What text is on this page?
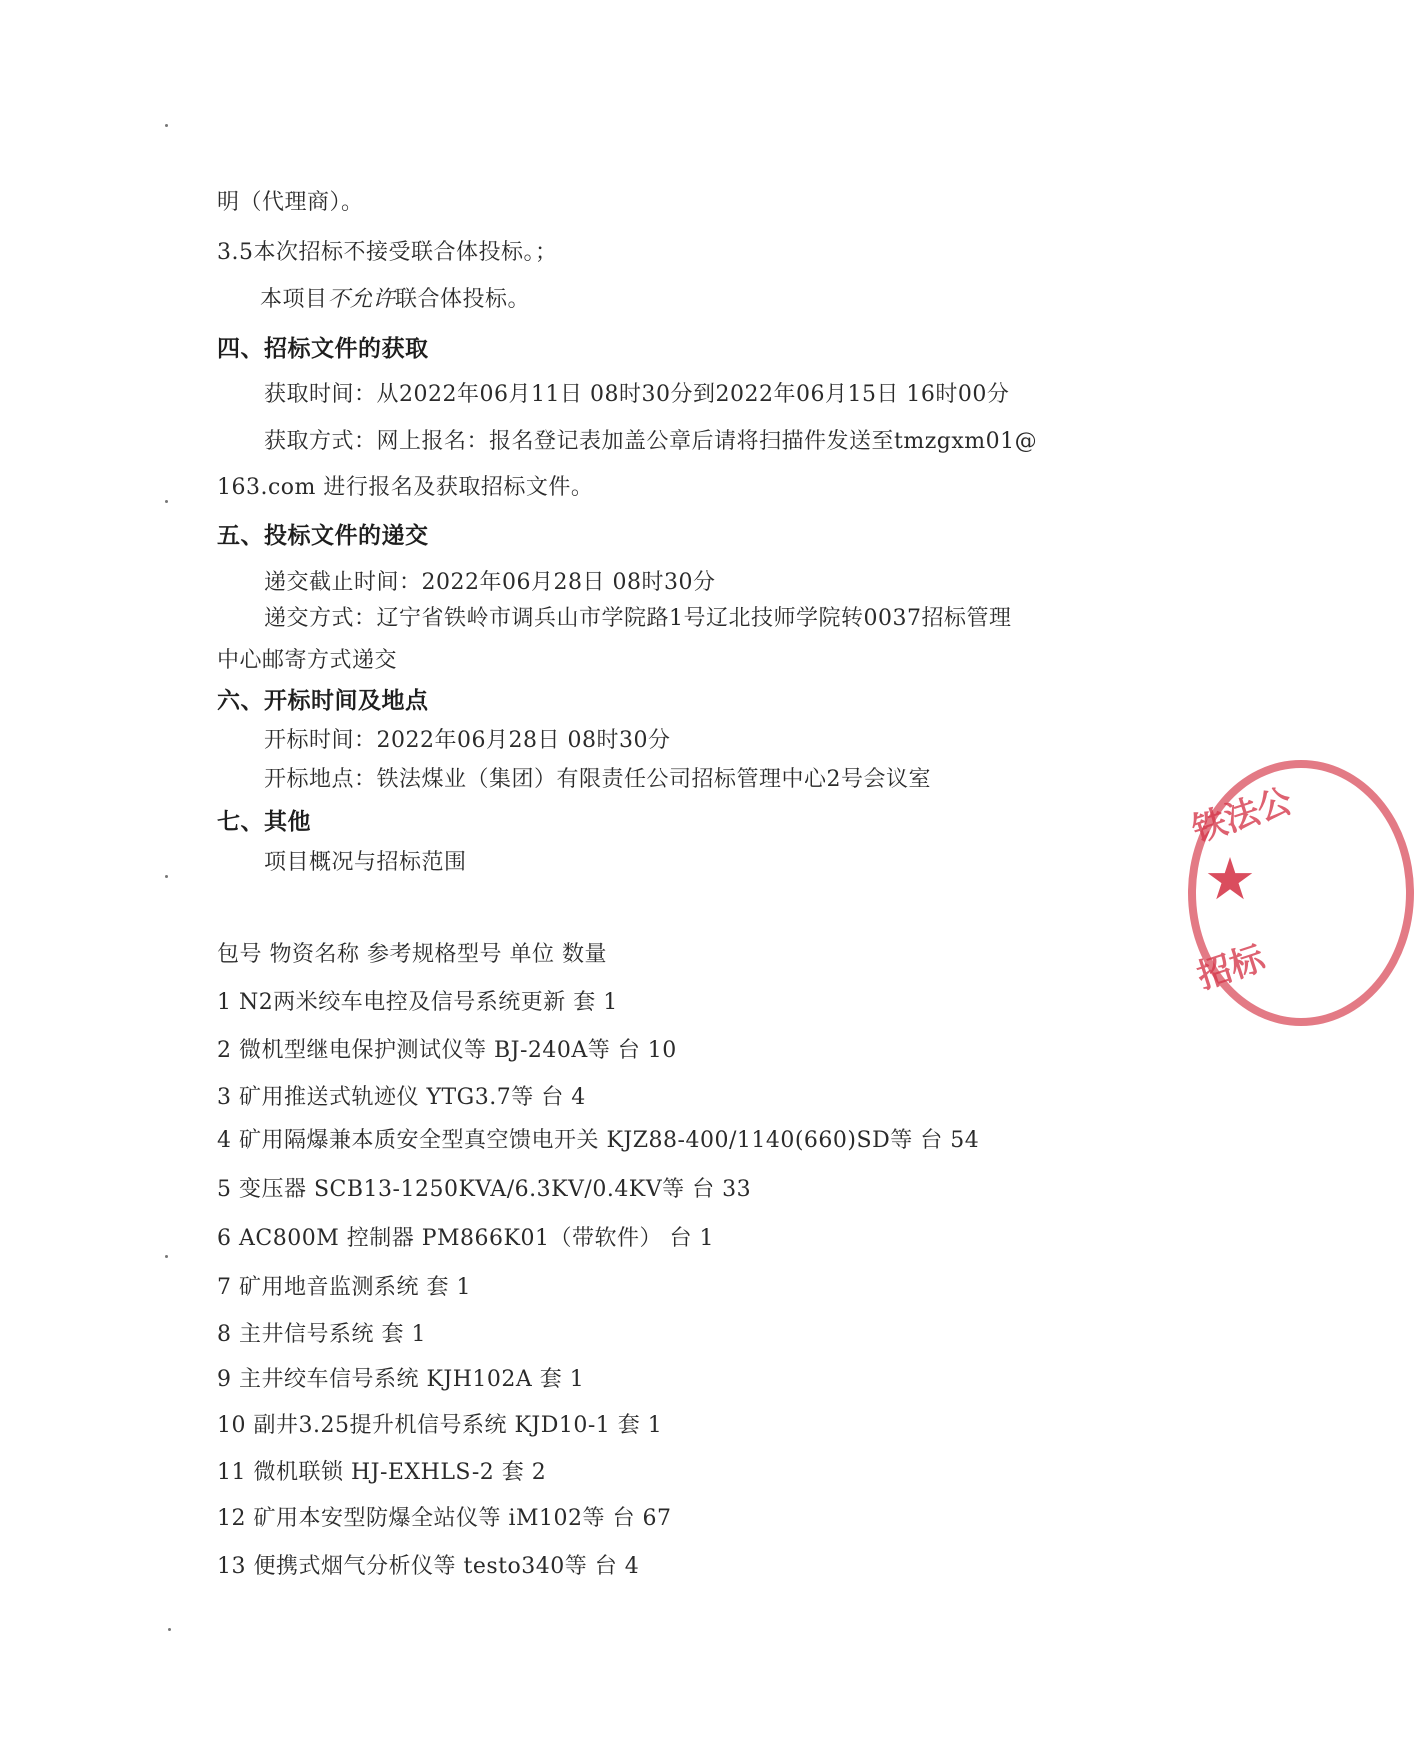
明（代理商）。
3.5本次招标不接受联合体投标。；
本项目不允许联合体投标。
四、招标文件的获取
获取时间：从2022年06月11日 08时30分到2022年06月15日 16时00分
获取方式：网上报名：报名登记表加盖公章后请将扫描件发送至tmzgxm01@
163.com 进行报名及获取招标文件。
五、投标文件的递交
递交截止时间：2022年06月28日 08时30分
递交方式：辽宁省铁岭市调兵山市学院路1号辽北技师学院转0037招标管理
中心邮寄方式递交
六、开标时间及地点
开标时间：2022年06月28日 08时30分
开标地点：铁法煤业（集团）有限责任公司招标管理中心2号会议室
七、其他
项目概况与招标范围
包号 物资名称 参考规格型号 单位 数量
1 N2两米绞车电控及信号系统更新 套 1
2 微机型继电保护测试仪等 BJ-240A等 台 10
3 矿用推送式轨迹仪 YTG3.7等 台 4
4 矿用隔爆兼本质安全型真空馈电开关 KJZ88-400/1140(660)SD等 台 54
5 变压器 SCB13-1250KVA/6.3KV/0.4KV等 台 33
6 AC800M 控制器 PM866K01（带软件） 台 1
7 矿用地音监测系统 套 1
8 主井信号系统 套 1
9 主井绞车信号系统 KJH102A 套 1
10 副井3.25提升机信号系统 KJD10-1 套 1
11 微机联锁 HJ-EXHLS-2 套 2
12 矿用本安型防爆全站仪等 iM102等 台 67
13 便携式烟气分析仪等 testo340等 台 4
★
铁法公
招标
